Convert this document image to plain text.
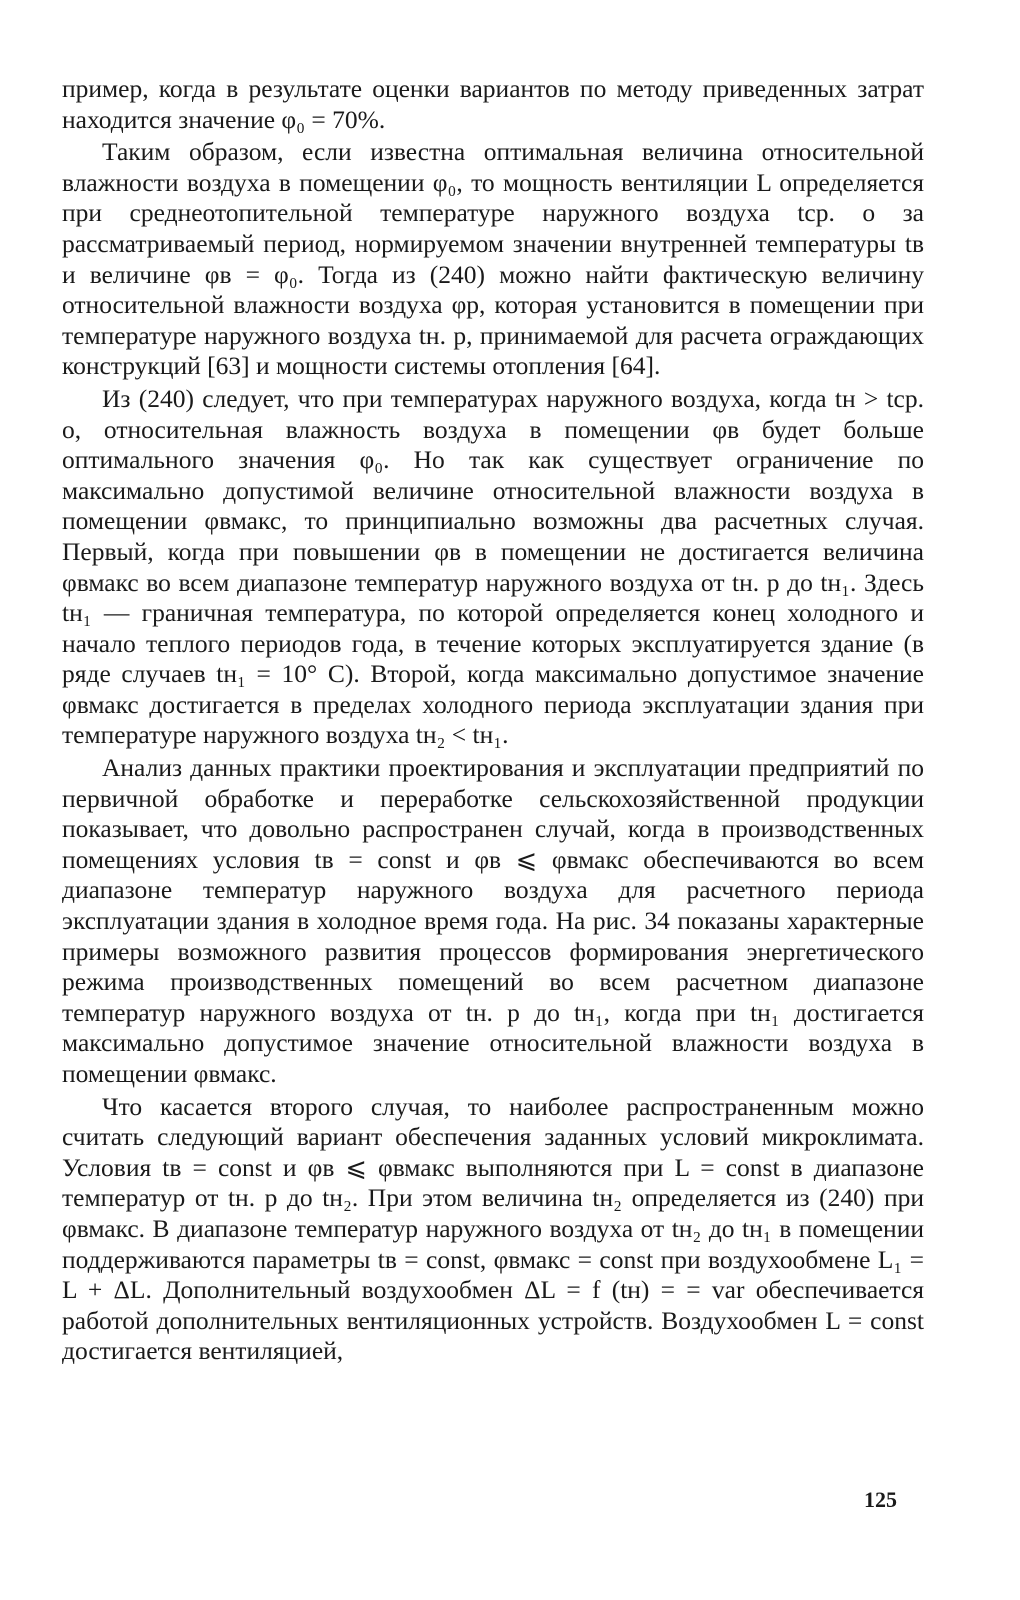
пример, когда в результате оценки вариантов по методу приведенных затрат находится значение φ₀ = 70%.

Таким образом, если известна оптимальная величина относительной влажности воздуха в помещении φ₀, то мощность вентиляции L определяется при среднеотопительной температуре наружного воздуха tср. о за рассматриваемый период, нормируемом значении внутренней температуры tв и величине φв = φ₀. Тогда из (240) можно найти фактическую величину относительной влажности воздуха φр, которая установится в помещении при температуре наружного воздуха tн. р, принимаемой для расчета ограждающих конструкций [63] и мощности системы отопления [64].

Из (240) следует, что при температурах наружного воздуха, когда tн > tср. о, относительная влажность воздуха в помещении φв будет больше оптимального значения φ₀. Но так как существует ограничение по максимально допустимой величине относительной влажности воздуха в помещении φвмакс, то принципиально возможны два расчетных случая. Первый, когда при повышении φв в помещении не достигается величина φвмакс во всем диапазоне температур наружного воздуха от tн. р до tн₁. Здесь tн₁ — граничная температура, по которой определяется конец холодного и начало теплого периодов года, в течение которых эксплуатируется здание (в ряде случаев tн₁ = 10° С). Второй, когда максимально допустимое значение φвмакс достигается в пределах холодного периода эксплуатации здания при температуре наружного воздуха tн₂ < tн₁.

Анализ данных практики проектирования и эксплуатации предприятий по первичной обработке и переработке сельскохозяйственной продукции показывает, что довольно распространен случай, когда в производственных помещениях условия tв = const и φв ⩽ φвмакс обеспечиваются во всем диапазоне температур наружного воздуха для расчетного периода эксплуатации здания в холодное время года. На рис. 34 показаны характерные примеры возможного развития процессов формирования энергетического режима производственных помещений во всем расчетном диапазоне температур наружного воздуха от tн. р до tн₁, когда при tн₁ достигается максимально допустимое значение относительной влажности воздуха в помещении φвмакс.

Что касается второго случая, то наиболее распространенным можно считать следующий вариант обеспечения заданных условий микроклимата. Условия tв = const и φв ⩽ φвмакс выполняются при L = const в диапазоне температур от tн. р до tн₂. При этом величина tн₂ определяется из (240) при φвмакс. В диапазоне температур наружного воздуха от tн₂ до tн₁ в помещении поддерживаются параметры tв = const, φвмакс = const при воздухообмене L₁ = L + ΔL. Дополнительный воздухообмен ΔL = f (tн) = = var обеспечивается работой дополнительных вентиляционных устройств. Воздухообмен L = const достигается вентиляцией,

125
